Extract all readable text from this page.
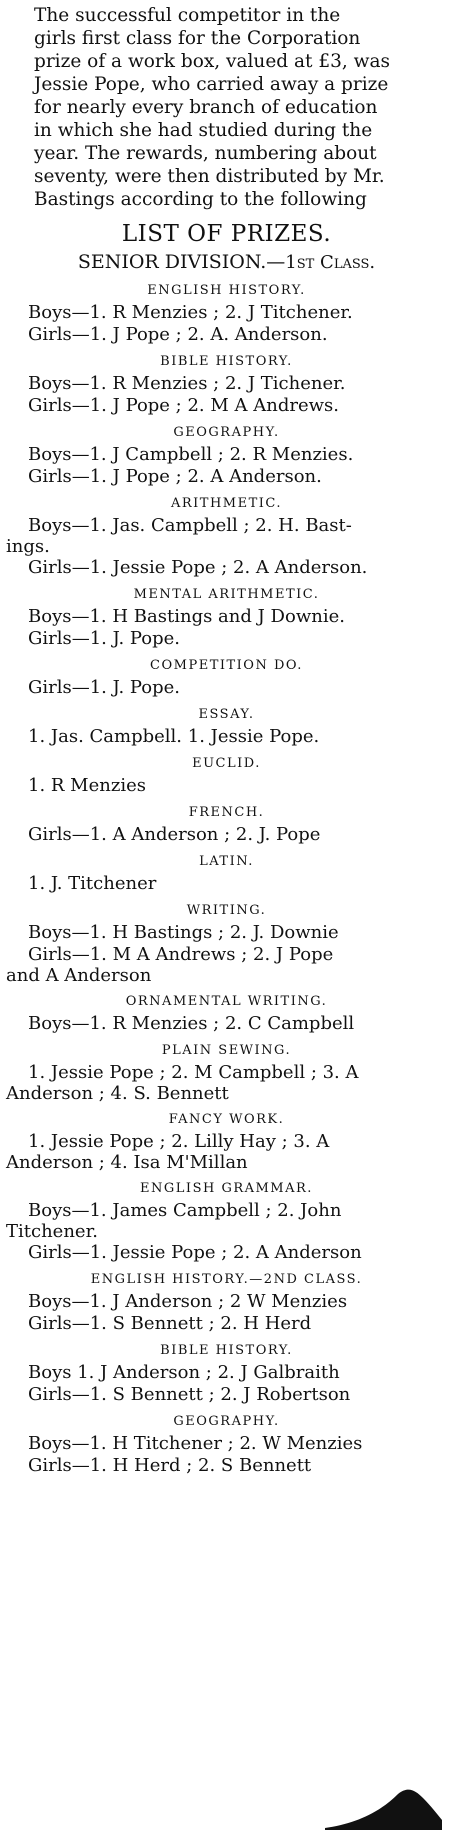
The successful competitor in the
girls first class for the Corporation
prize of a work box, valued at £3, was
Jessie Pope, who carried away a prize
for nearly every branch of education
in which she had studied during the
year. The rewards, numbering about
seventy, were then distributed by Mr.
Bastings according to the following

LIST OF PRIZES.
SENIOR DIVISION.—1st Class.
ENGLISH HISTORY.
Boys—1. R Menzies ; 2. J Titchener.
Girls—1. J Pope ; 2. A. Anderson.
BIBLE HISTORY.
Boys—1. R Menzies ; 2. J Tichener.
Girls—1. J Pope ; 2. M A Andrews.
GEOGRAPHY.
Boys—1. J Campbell ; 2. R Menzies.
Girls—1. J Pope ; 2. A Anderson.
ARITHMETIC.
Boys—1. Jas. Campbell ; 2. H. Bast-
ings.
Girls—1. Jessie Pope ; 2. A Anderson.
MENTAL ARITHMETIC.
Boys—1. H Bastings and J Downie.
Girls—1. J. Pope.
COMPETITION DO.
Girls—1. J. Pope.
ESSAY.
1. Jas. Campbell. 1. Jessie Pope.
EUCLID.
1. R Menzies
FRENCH.
Girls—1. A Anderson ; 2. J. Pope
LATIN.
1. J. Titchener
WRITING.
Boys—1. H Bastings ; 2. J. Downie
Girls—1. M A Andrews ; 2. J Pope
and A Anderson
ORNAMENTAL WRITING.
Boys—1. R Menzies ; 2. C Campbell
PLAIN SEWING.
1. Jessie Pope ; 2. M Campbell ; 3. A
Anderson ; 4. S. Bennett
FANCY WORK.
1. Jessie Pope ; 2. Lilly Hay ; 3. A
Anderson ; 4. Isa M'Millan
ENGLISH GRAMMAR.
Boys—1. James Campbell ; 2. John
Titchener.
Girls—1. Jessie Pope ; 2. A Anderson
ENGLISH HISTORY.—2ND CLASS.
Boys—1. J Anderson ; 2 W Menzies
Girls—1. S Bennett ; 2. H Herd
BIBLE HISTORY.
Boys 1. J Anderson ; 2. J Galbraith
Girls—1. S Bennett ; 2. J Robertson
GEOGRAPHY.
Boys—1. H Titchener ; 2. W Menzies
Girls—1. H Herd ; 2. S Bennett
